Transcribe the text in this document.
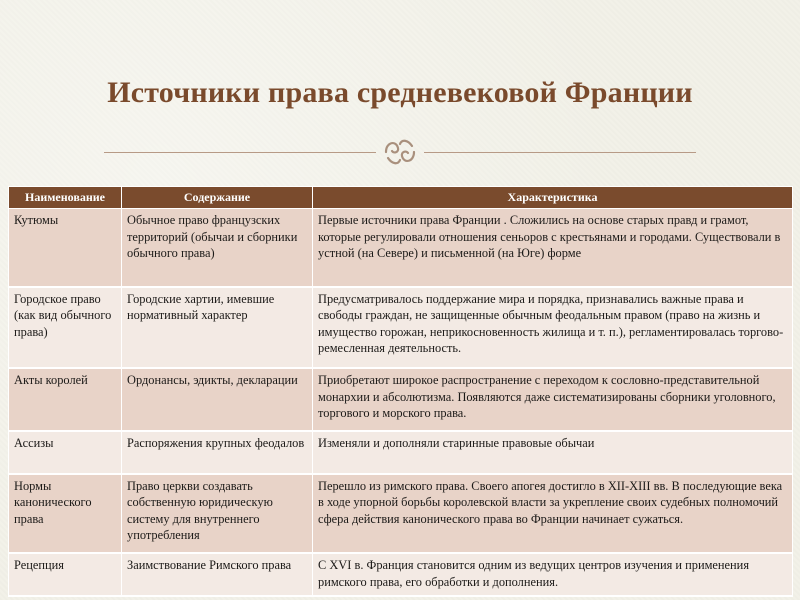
Источники права средневековой Франции
Наименование	Содержание	Характеристика
Кутюмы	Обычное право французских территорий (обычаи и сборники обычного права)	Первые источники права Франции . Сложились на основе старых правд и грамот, которые регулировали отношения сеньоров с крестьянами и городами. Существовали в устной (на Севере) и письменной (на Юге) форме
Городское право (как вид обычного права)	Городские хартии, имевшие нормативный характер	Предусматривалось поддержание мира и порядка, признавались важные права и свободы граждан, не защищенные обычным феодальным правом (право на жизнь и имущество горожан, неприкосновенность жилища и т. п.), регламентировалась торгово-ремесленная деятельность.
Акты королей	Ордонансы, эдикты, декларации	Приобретают широкое распространение с переходом к сословно-представительной монархии и абсолютизма. Появляются даже систематизированы сборники уголовного, торгового и морского права.
Ассизы	Распоряжения крупных феодалов	Изменяли и дополняли старинные правовые обычаи
Нормы канонического права	Право церкви создавать собственную юридическую систему для внутреннего употребления	Перешло из римского права. Своего апогея достигло в XII-XIII вв. В последующие века в ходе упорной борьбы королевской власти за укрепление своих судебных полномочий сфера действия канонического права во Франции начинает сужаться.
Рецепция	Заимствование Римского права	С XVI в. Франция становится одним из ведущих центров изучения и применения римского права, его обработки и дополнения.
